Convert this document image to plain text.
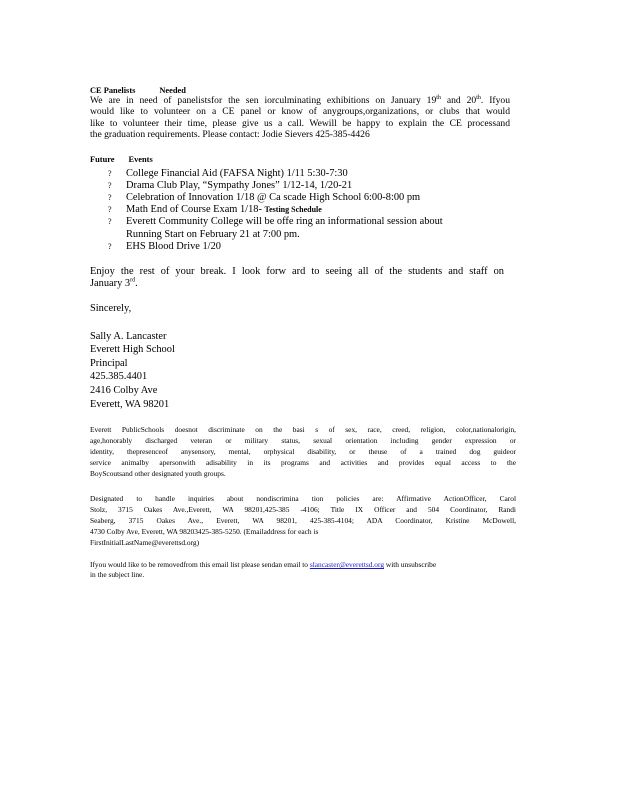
CE Panelists	Needed

We are in need of panelistsfor the sen iorculminating exhibitions on January 19th and 20th. Ifyou

would like to volunteer on a CE panel or know of anygroups,organizations, or clubs that would

like to volunteer their time, please give us a call. Wewill be happy to explain the CE processand

the graduation requirements. Please contact: Jodie Sievers 425-385-4426

Future Events
? College Financial Aid (FAFSA Night) 1/11 5:30-7:30
? Drama Club Play, “Sympathy Jones” 1/12-14, 1/20-21
? Celebration of Innovation 1/18 @ Ca scade High School 6:00-8:00 pm
? Math End of Course Exam 1/18- Testing Schedule
? Everett Community College will be offe ring an informational session about
Running Start on February 21 at 7:00 pm.
? EHS Blood Drive 1/20

Enjoy the rest of your break. I look forw ard to seeing all of the students and staff on

January 3rd.

Sincerely,

Sally A. Lancaster

Everett High School

Principal

425.385.4401

2416 Colby Ave

Everett, WA 98201

Everett PublicSchools doesnot discriminate on the basi s of sex, race, creed, religion, color,nationalorigin,

age,honorably discharged veteran or military status, sexual orientation including gender expression or

identity, thepresenceof anysensory, mental, orphysical disability, or theuse of a trained dog guideor

service animalby apersonwith adisability in its programs and activities and provides equal access to the

BoyScoutsand other designated youth groups.

Designated to handle inquiries about nondiscrimina tion policies are: Affirmative ActionOfficer, Carol

Stolz, 3715 Oakes Ave.,Everett, WA 98201,425-385 -4106; Title IX Officer and 504 Coordinator, Randi

Seaberg, 3715 Oakes Ave., Everett, WA 98201, 425-385-4104; ADA Coordinator, Kristine McDowell,

4730 Colby Ave, Everett, WA 98203425-385-5250. (Emailaddress for each is

FirstInitialLastName@everettsd.org)

Ifyou would like to be removedfrom this email list please sendan email to slancaster@everettsd.org with unsubscribe

in the subject line.
